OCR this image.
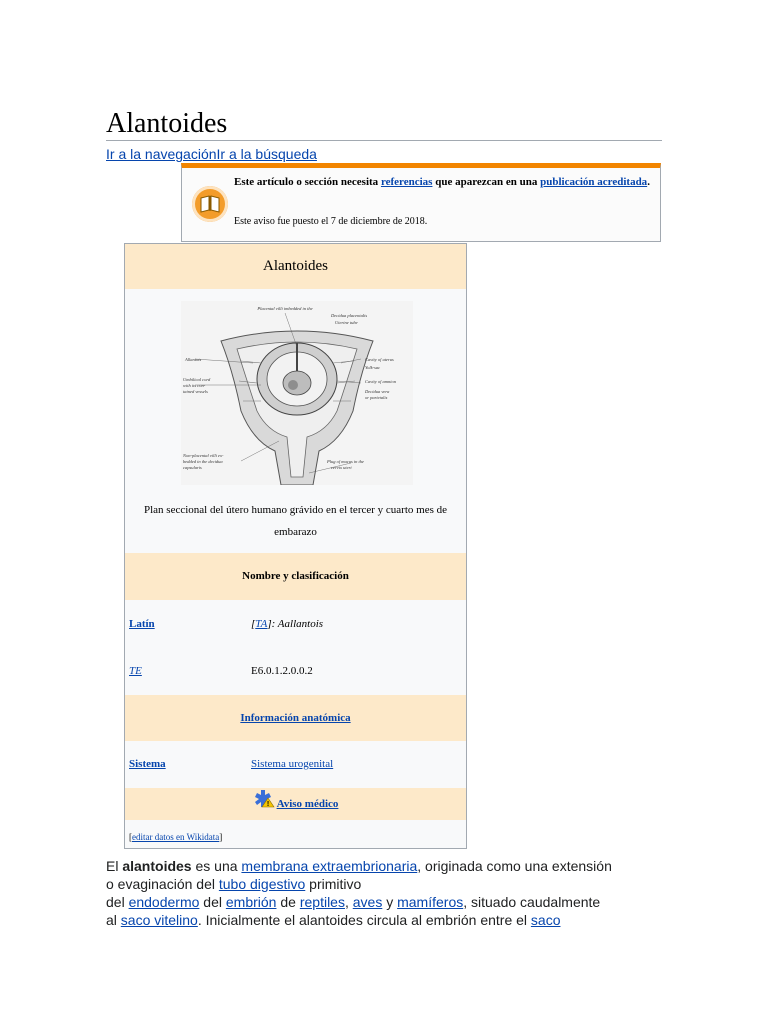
Alantoides
Ir a la navegaciónIr a la búsqueda
Este artículo o sección necesita referencias que aparezcan en una publicación acreditada.
Este aviso fue puesto el 7 de diciembre de 2018.
Alantoides
Placental villi imbedded in the
Decidua placentalis
Uterine tube
Allantois
Umbilical cord
with its con-
tained vessels
Cavity of uterus
Yolk-sac
Cavity of amnion
Decidua vera
or parietalis
Non-placental villi ex-
bedded in the decidua
capsularis
Plug of mucus in the
cervix uteri
Plan seccional del útero humano grávido en el tercer y cuarto mes de embarazo
Nombre y clasificación
Latín	[TA]: Aallantois
TE	E6.0.1.2.0.0.2
Información anatómica
Sistema	Sistema urogenital
! Aviso médico
[editar datos en Wikidata]
El alantoides es una membrana extraembrionaria, originada como una extensión
o evaginación del tubo digestivo primitivo
del endodermo del embrión de reptiles, aves y mamíferos, situado caudalmente
al saco vitelino. Inicialmente el alantoides circula al embrión entre el saco
